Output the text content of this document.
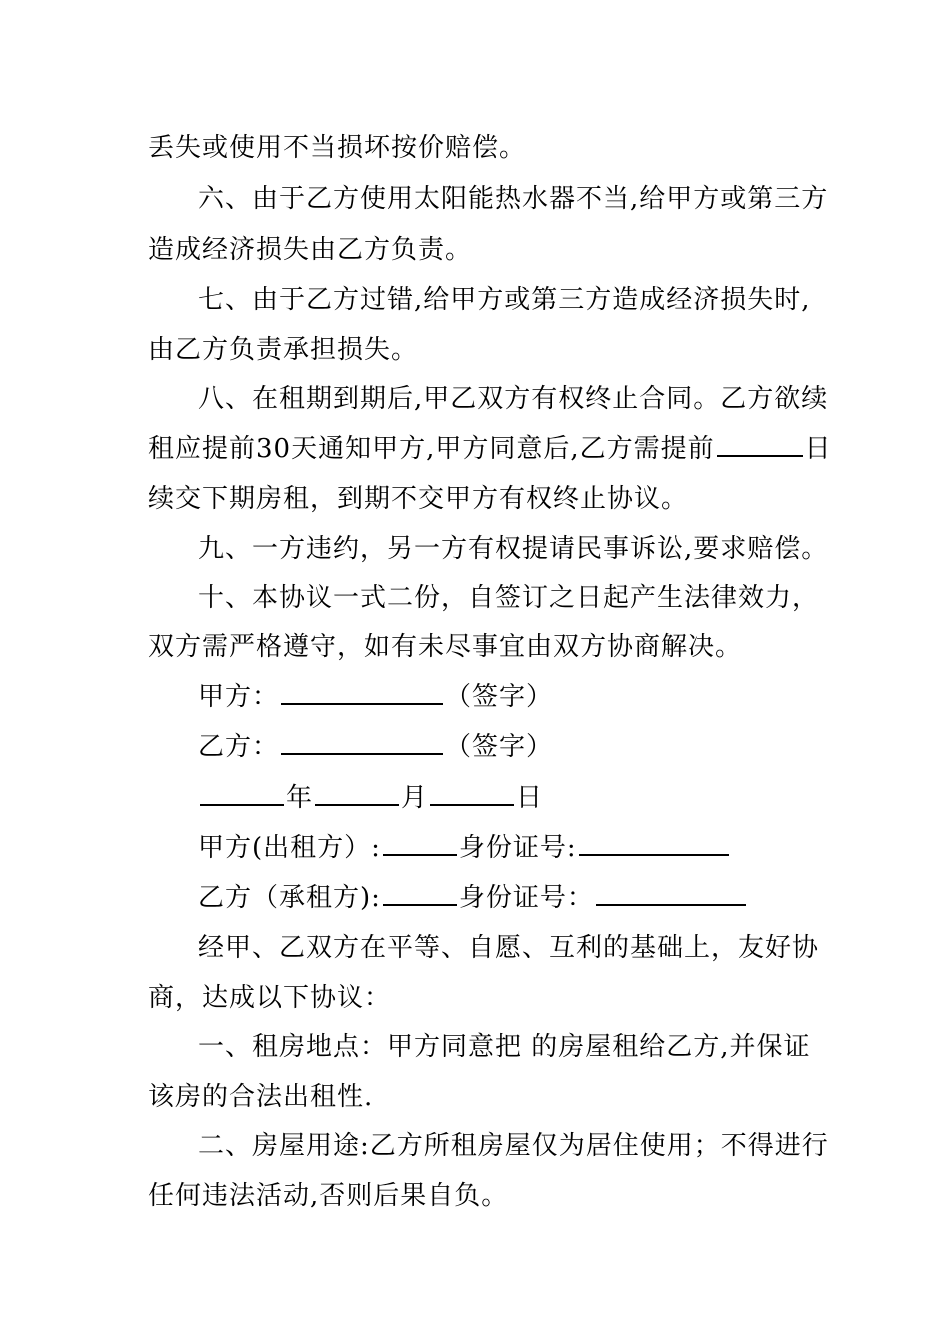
丢失或使用不当损坏按价赔偿。
六、由于乙方使用太阳能热水器不当,给甲方或第三方
造成经济损失由乙方负责。
七、由于乙方过错,给甲方或第三方造成经济损失时,
由乙方负责承担损失。
八、在租期到期后,甲乙双方有权终止合同。乙方欲续
租应提前30天通知甲方,甲方同意后,乙方需提前	日
续交下期房租，到期不交甲方有权终止协议。
九、一方违约，另一方有权提请民事诉讼,要求赔偿。
十、本协议一式二份，自签订之日起产生法律效力，
双方需严格遵守，如有未尽事宜由双方协商解决。
甲方：	（签字）
乙方：	（签字）
年	月	日
甲方(出租方）:	身份证号:
乙方（承租方):	身份证号：
经甲、乙双方在平等、自愿、互利的基础上，友好协
商，达成以下协议：
一、租房地点：甲方同意把 的房屋租给乙方,并保证
该房的合法出租性.
二、房屋用途:乙方所租房屋仅为居住使用；不得进行
任何违法活动,否则后果自负。
